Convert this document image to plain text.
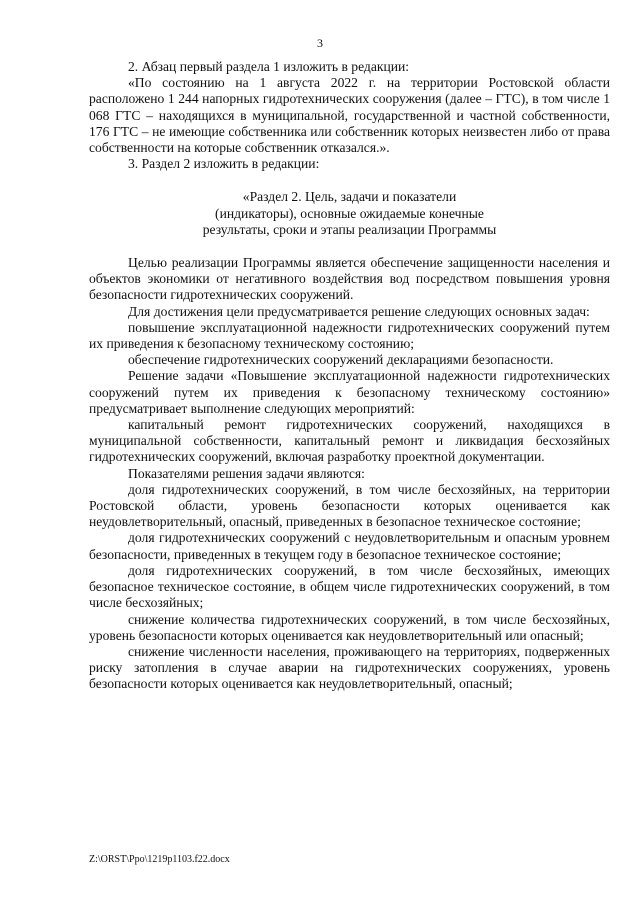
3

2. Абзац первый раздела 1 изложить в редакции:

«По состоянию на 1 августа 2022 г. на территории Ростовской области расположено 1 244 напорных гидротехнических сооружения (далее – ГТС), в том числе 1 068 ГТС – находящихся в муниципальной, государственной и частной собственности, 176 ГТС – не имеющие собственника или собственник которых неизвестен либо от права собственности на которые собственник отказался.».

3. Раздел 2 изложить в редакции:

«Раздел 2. Цель, задачи и показатели

(индикаторы), основные ожидаемые конечные

результаты, сроки и этапы реализации Программы

Целью реализации Программы является обеспечение защищенности населения и объектов экономики от негативного воздействия вод посредством повышения уровня безопасности гидротехнических сооружений.

Для достижения цели предусматривается решение следующих основных задач:

повышение эксплуатационной надежности гидротехнических сооружений путем их приведения к безопасному техническому состоянию;

обеспечение гидротехнических сооружений декларациями безопасности.

Решение задачи «Повышение эксплуатационной надежности гидротехнических сооружений путем их приведения к безопасному техническому состоянию» предусматривает выполнение следующих мероприятий:

капитальный ремонт гидротехнических сооружений, находящихся в муниципальной собственности, капитальный ремонт и ликвидация бесхозяйных гидротехнических сооружений, включая разработку проектной документации.

Показателями решения задачи являются:

доля гидротехнических сооружений, в том числе бесхозяйных, на территории Ростовской области, уровень безопасности которых оценивается как неудовлетворительный, опасный, приведенных в безопасное техническое состояние;

доля гидротехнических сооружений с неудовлетворительным и опасным уровнем безопасности, приведенных в текущем году в безопасное техническое состояние;

доля гидротехнических сооружений, в том числе бесхозяйных, имеющих безопасное техническое состояние, в общем числе гидротехнических сооружений, в том числе бесхозяйных;

снижение количества гидротехнических сооружений, в том числе бесхозяйных, уровень безопасности которых оценивается как неудовлетворительный или опасный;

снижение численности населения, проживающего на территориях, подверженных риску затопления в случае аварии на гидротехнических сооружениях, уровень безопасности которых оценивается как неудовлетворительный, опасный;

Z:\ORST\Ppo\1219p1103.f22.docx
